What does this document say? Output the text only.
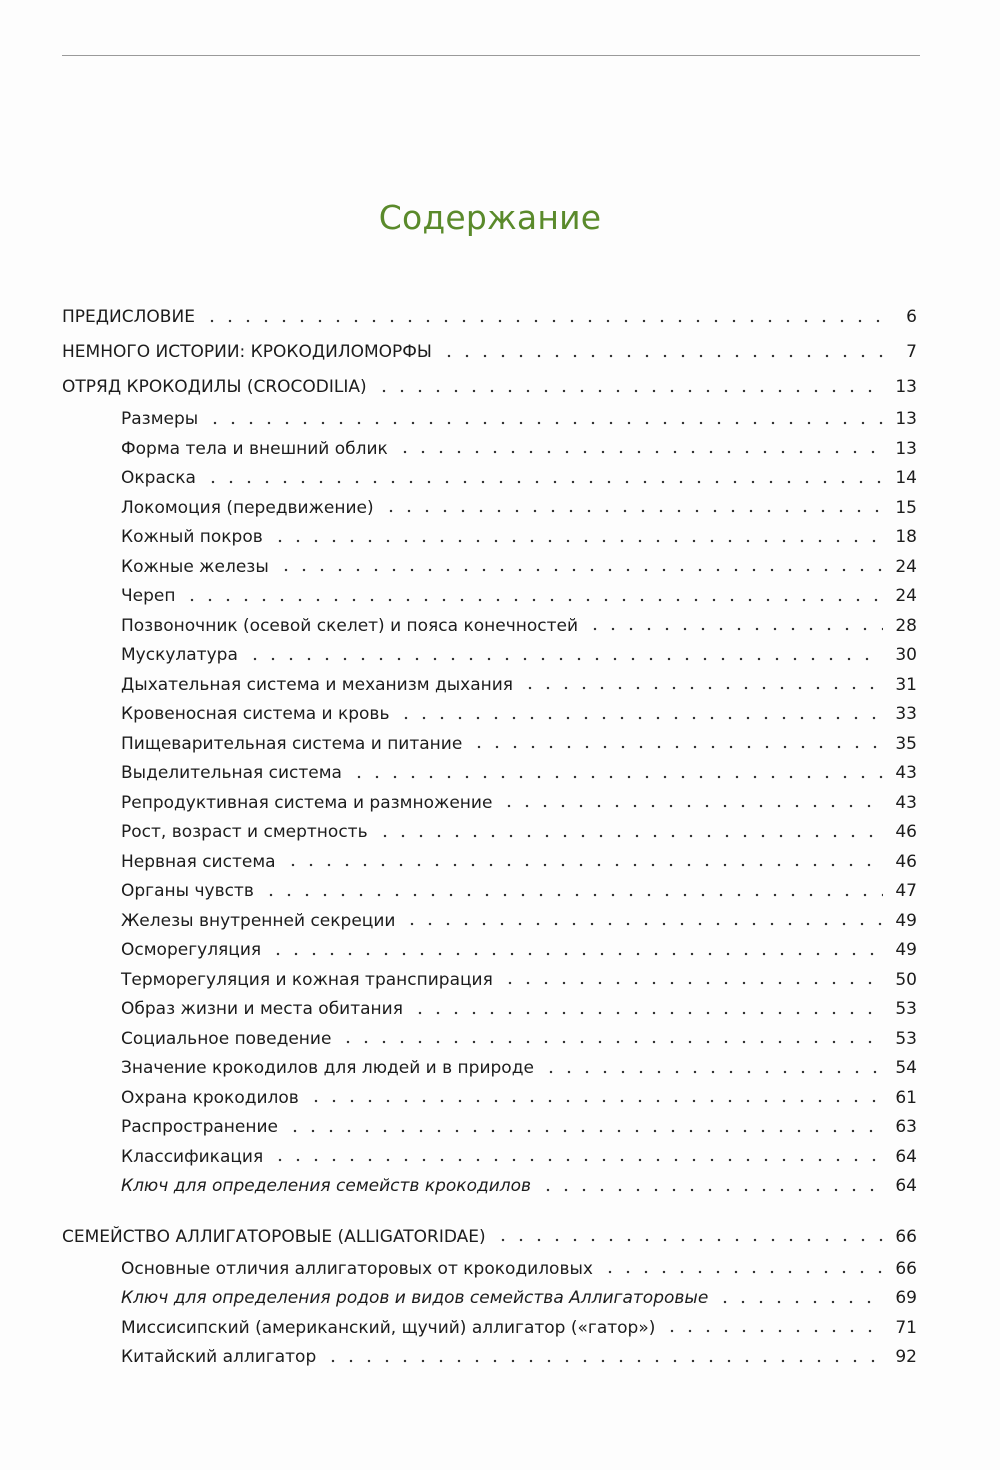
Содержание
ПРЕДИСЛОВИЕ	6
НЕМНОГО ИСТОРИИ: КРОКОДИЛОМОРФЫ	7
ОТРЯД КРОКОДИЛЫ (CROCODILIA)	13
Размеры	13
Форма тела и внешний облик	13
Окраска	14
Локомоция (передвижение)	15
Кожный покров	18
Кожные железы	24
Череп	24
Позвоночник (осевой скелет) и пояса конечностей	28
Мускулатура	30
Дыхательная система и механизм дыхания	31
Кровеносная система и кровь	33
Пищеварительная система и питание	35
Выделительная система	43
Репродуктивная система и размножение	43
Рост, возраст и смертность	46
Нервная система	46
Органы чувств	47
Железы внутренней секреции	49
Осморегуляция	49
Терморегуляция и кожная транспирация	50
Образ жизни и места обитания	53
Социальное поведение	53
Значение крокодилов для людей и в природе	54
Охрана крокодилов	61
Распространение	63
Классификация	64
Ключ для определения семейств крокодилов	64
СЕМЕЙСТВО АЛЛИГАТОРОВЫЕ (ALLIGATORIDAE)	66
Основные отличия аллигаторовых от крокодиловых	66
Ключ для определения родов и видов семейства Аллигаторовые	69
Миссисипский (американский, щучий) аллигатор («гатор»)	71
Китайский аллигатор	92
